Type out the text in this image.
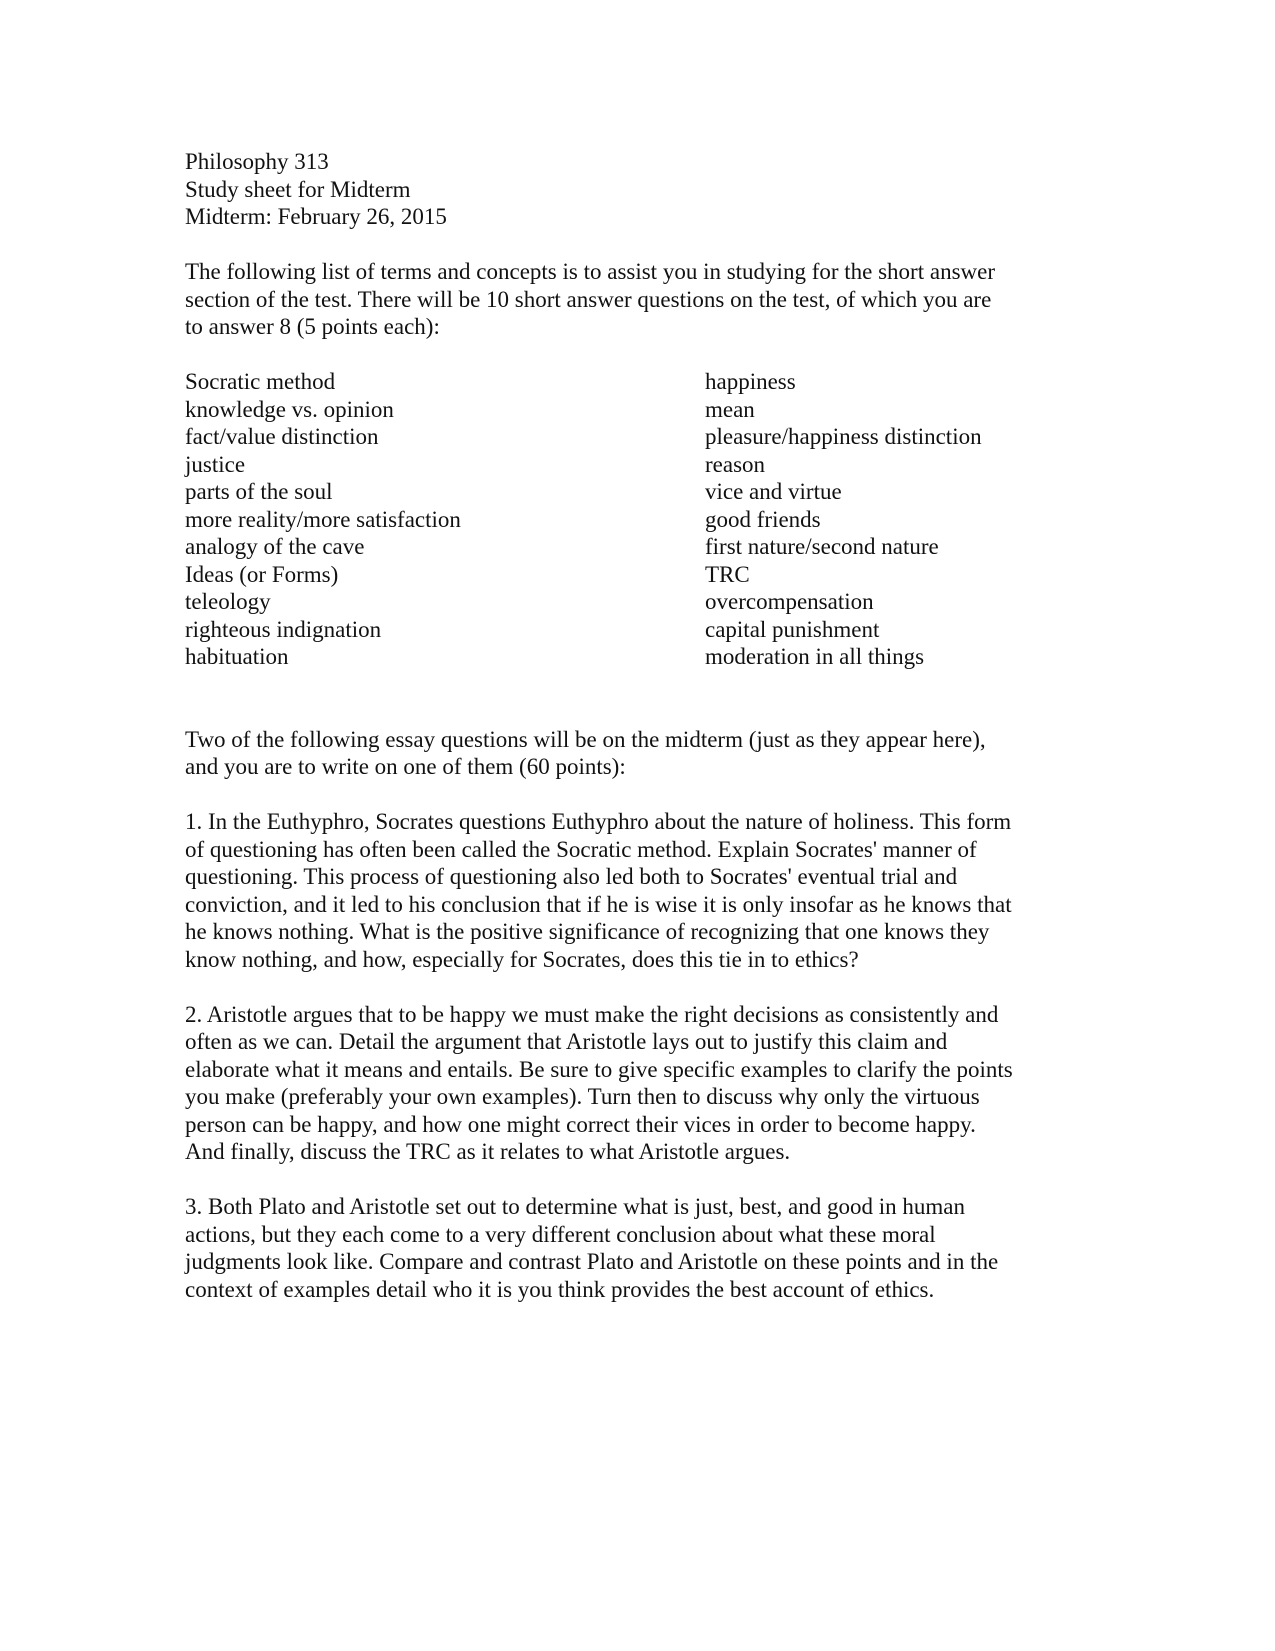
Philosophy 313
Study sheet for Midterm
Midterm: February 26, 2015

The following list of terms and concepts is to assist you in studying for the short answer
section of the test. There will be 10 short answer questions on the test, of which you are
to answer 8 (5 points each):

Socratic method
knowledge vs. opinion
fact/value distinction
justice
parts of the soul
more reality/more satisfaction
analogy of the cave
Ideas (or Forms)
teleology
righteous indignation
habituation
happiness
mean
pleasure/happiness distinction
reason
vice and virtue
good friends
first nature/second nature
TRC
overcompensation
capital punishment
moderation in all things

Two of the following essay questions will be on the midterm (just as they appear here),
and you are to write on one of them (60 points):

1. In the Euthyphro, Socrates questions Euthyphro about the nature of holiness. This form
of questioning has often been called the Socratic method. Explain Socrates' manner of
questioning. This process of questioning also led both to Socrates' eventual trial and
conviction, and it led to his conclusion that if he is wise it is only insofar as he knows that
he knows nothing. What is the positive significance of recognizing that one knows they
know nothing, and how, especially for Socrates, does this tie in to ethics?

2. Aristotle argues that to be happy we must make the right decisions as consistently and
often as we can. Detail the argument that Aristotle lays out to justify this claim and
elaborate what it means and entails. Be sure to give specific examples to clarify the points
you make (preferably your own examples). Turn then to discuss why only the virtuous
person can be happy, and how one might correct their vices in order to become happy.
And finally, discuss the TRC as it relates to what Aristotle argues.

3. Both Plato and Aristotle set out to determine what is just, best, and good in human
actions, but they each come to a very different conclusion about what these moral
judgments look like. Compare and contrast Plato and Aristotle on these points and in the
context of examples detail who it is you think provides the best account of ethics.
